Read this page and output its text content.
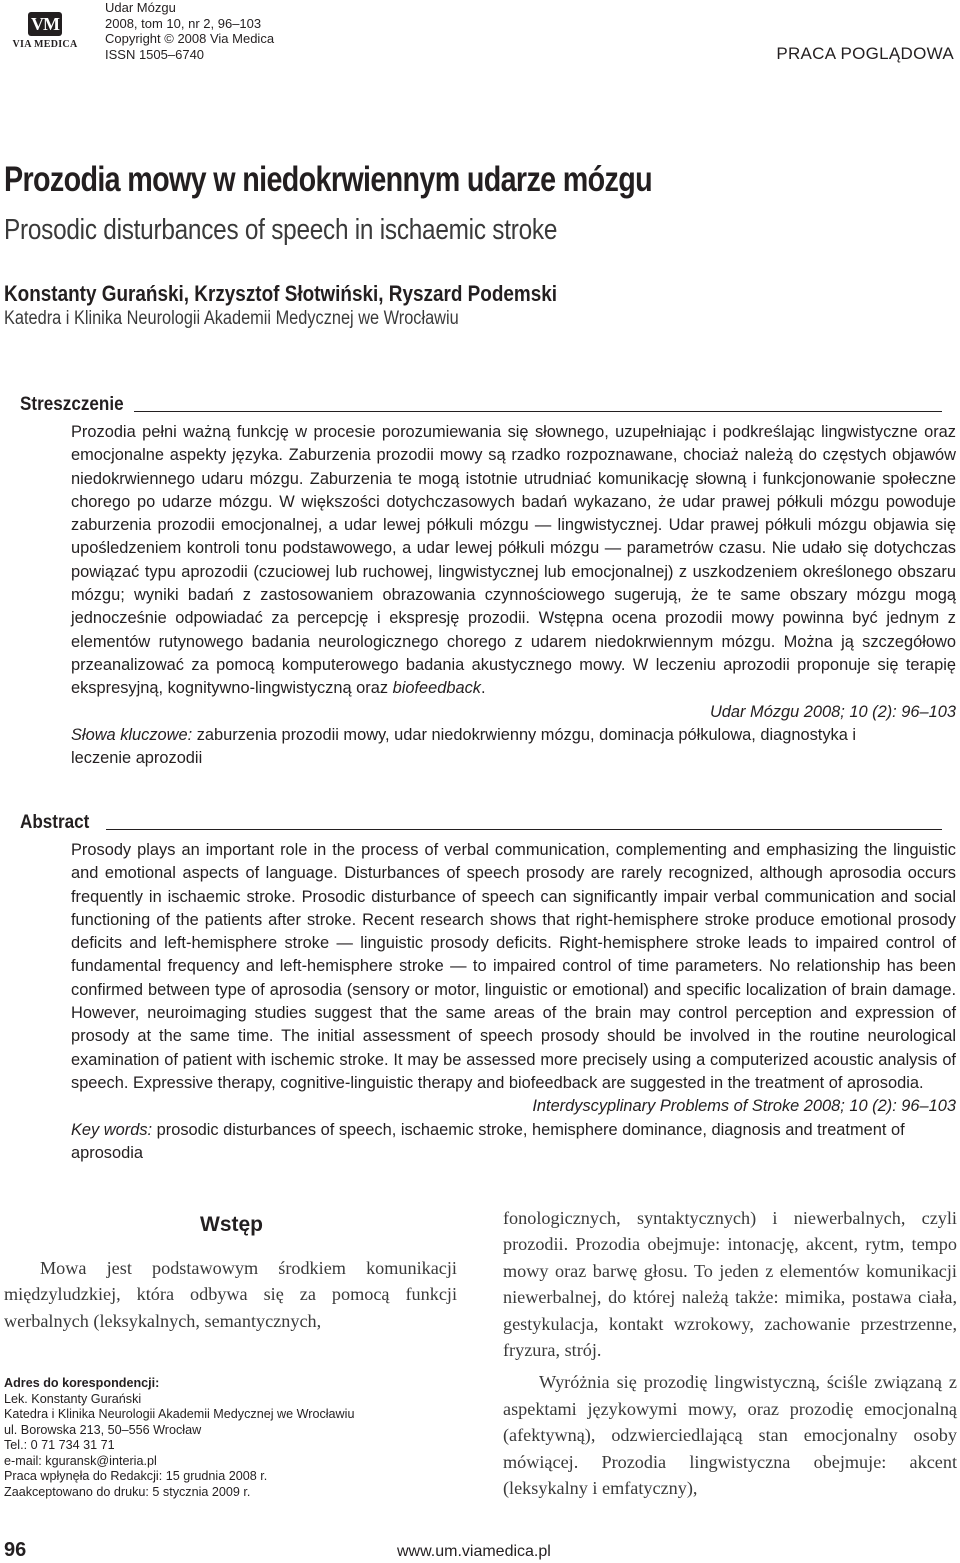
VM
VIA MEDICA
Udar Mózgu
2008, tom 10, nr 2, 96–103
Copyright © 2008 Via Medica
ISSN 1505–6740	PRACA POGLĄDOWA
Prozodia mowy w niedokrwiennym udarze mózgu
Prosodic disturbances of speech in ischaemic stroke
Konstanty Gurański, Krzysztof Słotwiński, Ryszard Podemski
Katedra i Klinika Neurologii Akademii Medycznej we Wrocławiu
Streszczenie

Prozodia pełni ważną funkcję w procesie porozumiewania się słownego, uzupełniając i podkreślając lingwistyczne oraz emocjonalne aspekty języka. Zaburzenia prozodii mowy są rzadko rozpoznawane, chociaż należą do częstych objawów niedokrwiennego udaru mózgu. Zaburzenia te mogą istotnie utrudniać komunikację słowną i funkcjonowanie społeczne chorego po udarze mózgu. W większości dotychczasowych badań wykazano, że udar prawej półkuli mózgu powoduje zaburzenia prozodii emocjonalnej, a udar lewej półkuli mózgu — lingwistycznej. Udar prawej półkuli mózgu objawia się upośledzeniem kontroli tonu podstawowego, a udar lewej półkuli mózgu — parametrów czasu. Nie udało się dotychczas powiązać typu aprozodii (czuciowej lub ruchowej, lingwistycznej lub emocjonalnej) z uszkodzeniem określonego obszaru mózgu; wyniki badań z zastosowaniem obrazowania czynnościowego sugerują, że te same obszary mózgu mogą jednocześnie odpowiadać za percepcję i ekspresję prozodii. Wstępna ocena prozodii mowy powinna być jednym z elementów rutynowego badania neurologicznego chorego z udarem niedokrwiennym mózgu. Można ją szczegółowo przeanalizować za pomocą komputerowego badania akustycznego mowy. W leczeniu aprozodii proponuje się terapię ekspresyjną, kognitywno-lingwistyczną oraz biofeedback.

Udar Mózgu 2008; 10 (2): 96–103

Słowa kluczowe: zaburzenia prozodii mowy, udar niedokrwienny mózgu, dominacja półkulowa, diagnostyka i leczenie aprozodii

Abstract

Prosody plays an important role in the process of verbal communication, complementing and emphasizing the linguistic and emotional aspects of language. Disturbances of speech prosody are rarely recognized, although aprosodia occurs frequently in ischaemic stroke. Prosodic disturbance of speech can significantly impair verbal communication and social functioning of the patients after stroke. Recent research shows that right-hemisphere stroke produce emotional prosody deficits and left-hemisphere stroke — linguistic prosody deficits. Right-hemisphere stroke leads to impaired control of fundamental frequency and left-hemisphere stroke — to impaired control of time parameters. No relationship has been confirmed between type of aprosodia (sensory or motor, linguistic or emotional) and specific localization of brain damage. However, neuroimaging studies suggest that the same areas of the brain may control perception and expression of prosody at the same time. The initial assessment of speech prosody should be involved in the routine neurological examination of patient with ischemic stroke. It may be assessed more precisely using a computerized acoustic analysis of speech. Expressive therapy, cognitive-linguistic therapy and biofeedback are suggested in the treatment of aprosodia.

Interdyscyplinary Problems of Stroke 2008; 10 (2): 96–103

Key words: prosodic disturbances of speech, ischaemic stroke, hemisphere dominance, diagnosis and treatment of aprosodia

Wstęp
Mowa jest podstawowym środkiem komunikacji międzyludzkiej, która odbywa się za pomocą funkcji werbalnych (leksykalnych, semantycznych,

fonologicznych, syntaktycznych) i niewerbalnych, czyli prozodii. Prozodia obejmuje: intonację, akcent, rytm, tempo mowy oraz barwę głosu. To jeden z elementów komunikacji niewerbalnej, do której należą także: mimika, postawa ciała, gestykulacja, kontakt wzrokowy, zachowanie przestrzenne, fryzura, strój.

Wyróżnia się prozodię lingwistyczną, ściśle związaną z aspektami językowymi mowy, oraz prozodię emocjonalną (afektywną), odzwierciedlającą stan emocjonalny osoby mówiącej. Prozodia lingwistyczna obejmuje: akcent (leksykalny i emfatyczny),

Adres do korespondencji:
Lek. Konstanty Gurański
Katedra i Klinika Neurologii Akademii Medycznej we Wrocławiu
ul. Borowska 213, 50–556 Wrocław
Tel.: 0 71 734 31 71
e-mail: kguransk@interia.pl
Praca wpłynęła do Redakcji: 15 grudnia 2008 r.
Zaakceptowano do druku: 5 stycznia 2009 r.
96	www.um.viamedica.pl
